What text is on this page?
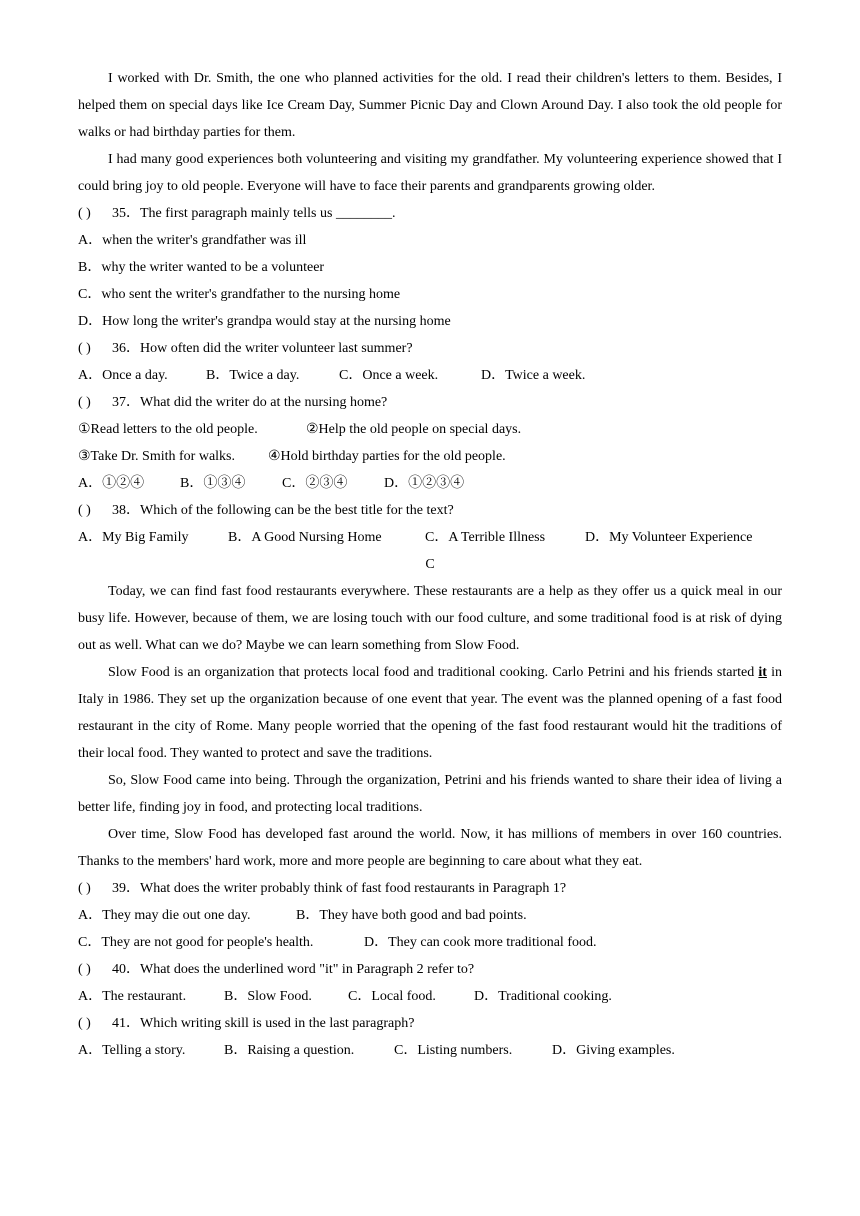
I worked with Dr. Smith, the one who planned activities for the old. I read their children's letters to them. Besides, I helped them on special days like Ice Cream Day, Summer Picnic Day and Clown Around Day. I also took the old people for walks or had birthday parties for them.

I had many good experiences both volunteering and visiting my grandfather. My volunteering experience showed that I could bring joy to old people. Everyone will have to face their parents and grandparents growing older.

( ) 35．The first paragraph mainly tells us ________.
A．when the writer's grandfather was ill
B．why the writer wanted to be a volunteer
C．who sent the writer's grandfather to the nursing home
D．How long the writer's grandpa would stay at the nursing home
( ) 36．How often did the writer volunteer last summer?
A．Once a day.	B．Twice a day.	C．Once a week.	D．Twice a week.
( ) 37．What did the writer do at the nursing home?
①Read letters to the old people.	②Help the old people on special days.
③Take Dr. Smith for walks. ④Hold birthday parties for the old people.
A．①②④	B．①③④	C．②③④	D．①②③④
( ) 38．Which of the following can be the best title for the text?
A．My Big Family	B．A Good Nursing Home	C．A Terrible Illness	D．My Volunteer Experience

C

Today, we can find fast food restaurants everywhere. These restaurants are a help as they offer us a quick meal in our busy life. However, because of them, we are losing touch with our food culture, and some traditional food is at risk of dying out as well. What can we do? Maybe we can learn something from Slow Food.

Slow Food is an organization that protects local food and traditional cooking. Carlo Petrini and his friends started it in Italy in 1986. They set up the organization because of one event that year. The event was the planned opening of a fast food restaurant in the city of Rome. Many people worried that the opening of the fast food restaurant would hit the traditions of their local food. They wanted to protect and save the traditions.

So, Slow Food came into being. Through the organization, Petrini and his friends wanted to share their idea of living a better life, finding joy in food, and protecting local traditions.

Over time, Slow Food has developed fast around the world. Now, it has millions of members in over 160 countries. Thanks to the members' hard work, more and more people are beginning to care about what they eat.

( ) 39．What does the writer probably think of fast food restaurants in Paragraph 1?
A．They may die out one day.	B．They have both good and bad points.
C．They are not good for people's health.	D．They can cook more traditional food.
( ) 40．What does the underlined word "it" in Paragraph 2 refer to?
A．The restaurant.	B．Slow Food.	C．Local food.	D．Traditional cooking.
( ) 41．Which writing skill is used in the last paragraph?
A．Telling a story.	B．Raising a question.	C．Listing numbers.	D．Giving examples.
